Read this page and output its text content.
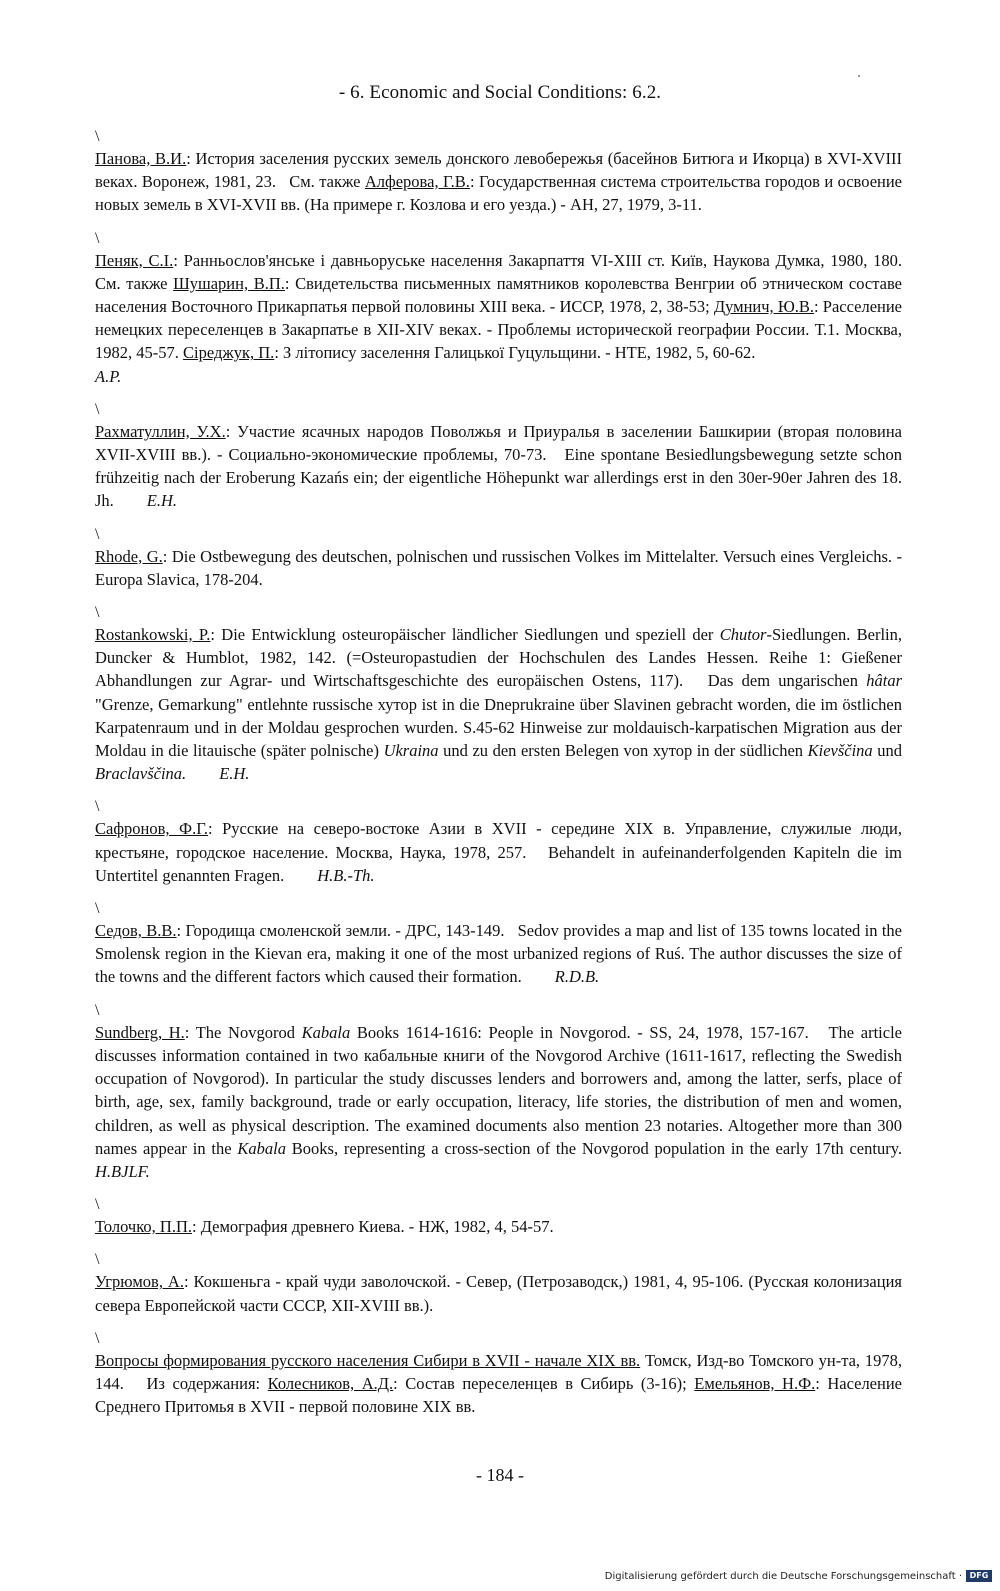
- 6. Economic and Social Conditions: 6.2.
\
Панова, В.И.: История заселения русских земель донского левобережья (басейнов Битюга и Икорца) в XVI-XVIII веках. Воронеж, 1981, 23.   См. также Алферова, Г.В.: Государственная система строительства городов и освоение новых земель в XVI-XVII вв. (На примере г. Козлова и его уезда.) - АН, 27, 1979, 3-11.
\
Пеняк, С.І.: Ранньослов'янське і давньоруське населення Закарпаття VI-XIII ст. Київ, Наукова Думка, 1980, 180.   См. также Шушарин, В.П.: Свидетельства письменных памятников королевства Венгрии об этническом составе населения Восточного Прикарпатья первой половины XIII века. - ИССР, 1978, 2, 38-53; Думнич, Ю.В.: Расселение немецких переселенцев в Закарпатье в XII-XIV веках. - Проблемы исторической географии России. Т.1. Москва, 1982, 45-57. Сіреджук, П.: З літопису заселення Галицької Гуцульщини. - НТЕ, 1982, 5, 60-62.
A.P.
\
Рахматуллин, У.Х.: Участие ясачных народов Поволжья и Приуралья в заселении Башкирии (вторая половина XVII-XVIII вв.). - Социально-экономические проблемы, 70-73.   Eine spontane Besiedlungsbewegung setzte schon frühzeitig nach der Eroberung Kazańs ein; der eigentliche Höhepunkt war allerdings erst in den 30er-90er Jahren des 18. Jh.        E.H.
\
Rhode, G.: Die Ostbewegung des deutschen, polnischen und russischen Volkes im Mittelalter. Versuch eines Vergleichs. - Europa Slavica, 178-204.
\
Rostankowski, P.: Die Entwicklung osteuropäischer ländlicher Siedlungen und speziell der Chutor-Siedlungen. Berlin, Duncker & Humblot, 1982, 142. (=Osteuropastudien der Hochschulen des Landes Hessen. Reihe 1: Gießener Abhandlungen zur Agrar- und Wirtschaftsgeschichte des europäischen Ostens, 117).   Das dem ungarischen hâtar "Grenze, Gemarkung" entlehnte russische хутор ist in die Dneprukraine über Slavinen gebracht worden, die im östlichen Karpatenraum und in der Moldau gesprochen wurden. S.45-62 Hinweise zur moldauisch-karpatischen Migration aus der Moldau in die litauische (später polnische) Ukraina und zu den ersten Belegen von хутор in der südlichen Kievščina und Braclavščina. E.H.
\
Сафронов, Ф.Г.: Русские на северо-востоке Азии в XVII - середине XIX в. Управление, служилые люди, крестьяне, городское население. Москва, Наука, 1978, 257.   Behandelt in aufeinanderfolgenden Kapiteln die im Untertitel genannten Fragen.        H.B.-Th.
\
Седов, В.В.: Городища смоленской земли. - ДРС, 143-149.   Sedov provides a map and list of 135 towns located in the Smolensk region in the Kievan era, making it one of the most urbanized regions of Ruś. The author discusses the size of the towns and the different factors which caused their formation.        R.D.B.
\
Sundberg, H.: The Novgorod Kabala Books 1614-1616: People in Novgorod. - SS, 24, 1978, 157-167.   The article discusses information contained in two кабальные книги of the Novgorod Archive (1611-1617, reflecting the Swedish occupation of Novgorod). In particular the study discusses lenders and borrowers and, among the latter, serfs, place of birth, age, sex, family background, trade or early occupation, literacy, life stories, the distribution of men and women, children, as well as physical description. The examined documents also mention 23 notaries. Altogether more than 300 names appear in the Kabala Books, representing a cross-section of the Novgorod population in the early 17th century.        H.BJLF.
\
Толочко, П.П.: Демография древнего Киева. - НЖ, 1982, 4, 54-57.
\
Угрюмов, А.: Кокшеньга - край чуди заволочской. - Север, (Петрозаводск,) 1981, 4, 95-106. (Русская колонизация севера Европейской части СССР, XII-XVIII вв.).
\
Вопросы формирования русского населения Сибири в XVII - начале XIX вв. Томск, Изд-во Томского ун-та, 1978, 144.   Из содержания: Колесников, А.Д.: Состав переселенцев в Сибирь (3-16); Емельянов, Н.Ф.: Население Среднего Притомья в XVII - первой половине XIX вв.
- 184 -
Digitalisierung gefördert durch die Deutsche Forschungsgemeinschaft · DFG
